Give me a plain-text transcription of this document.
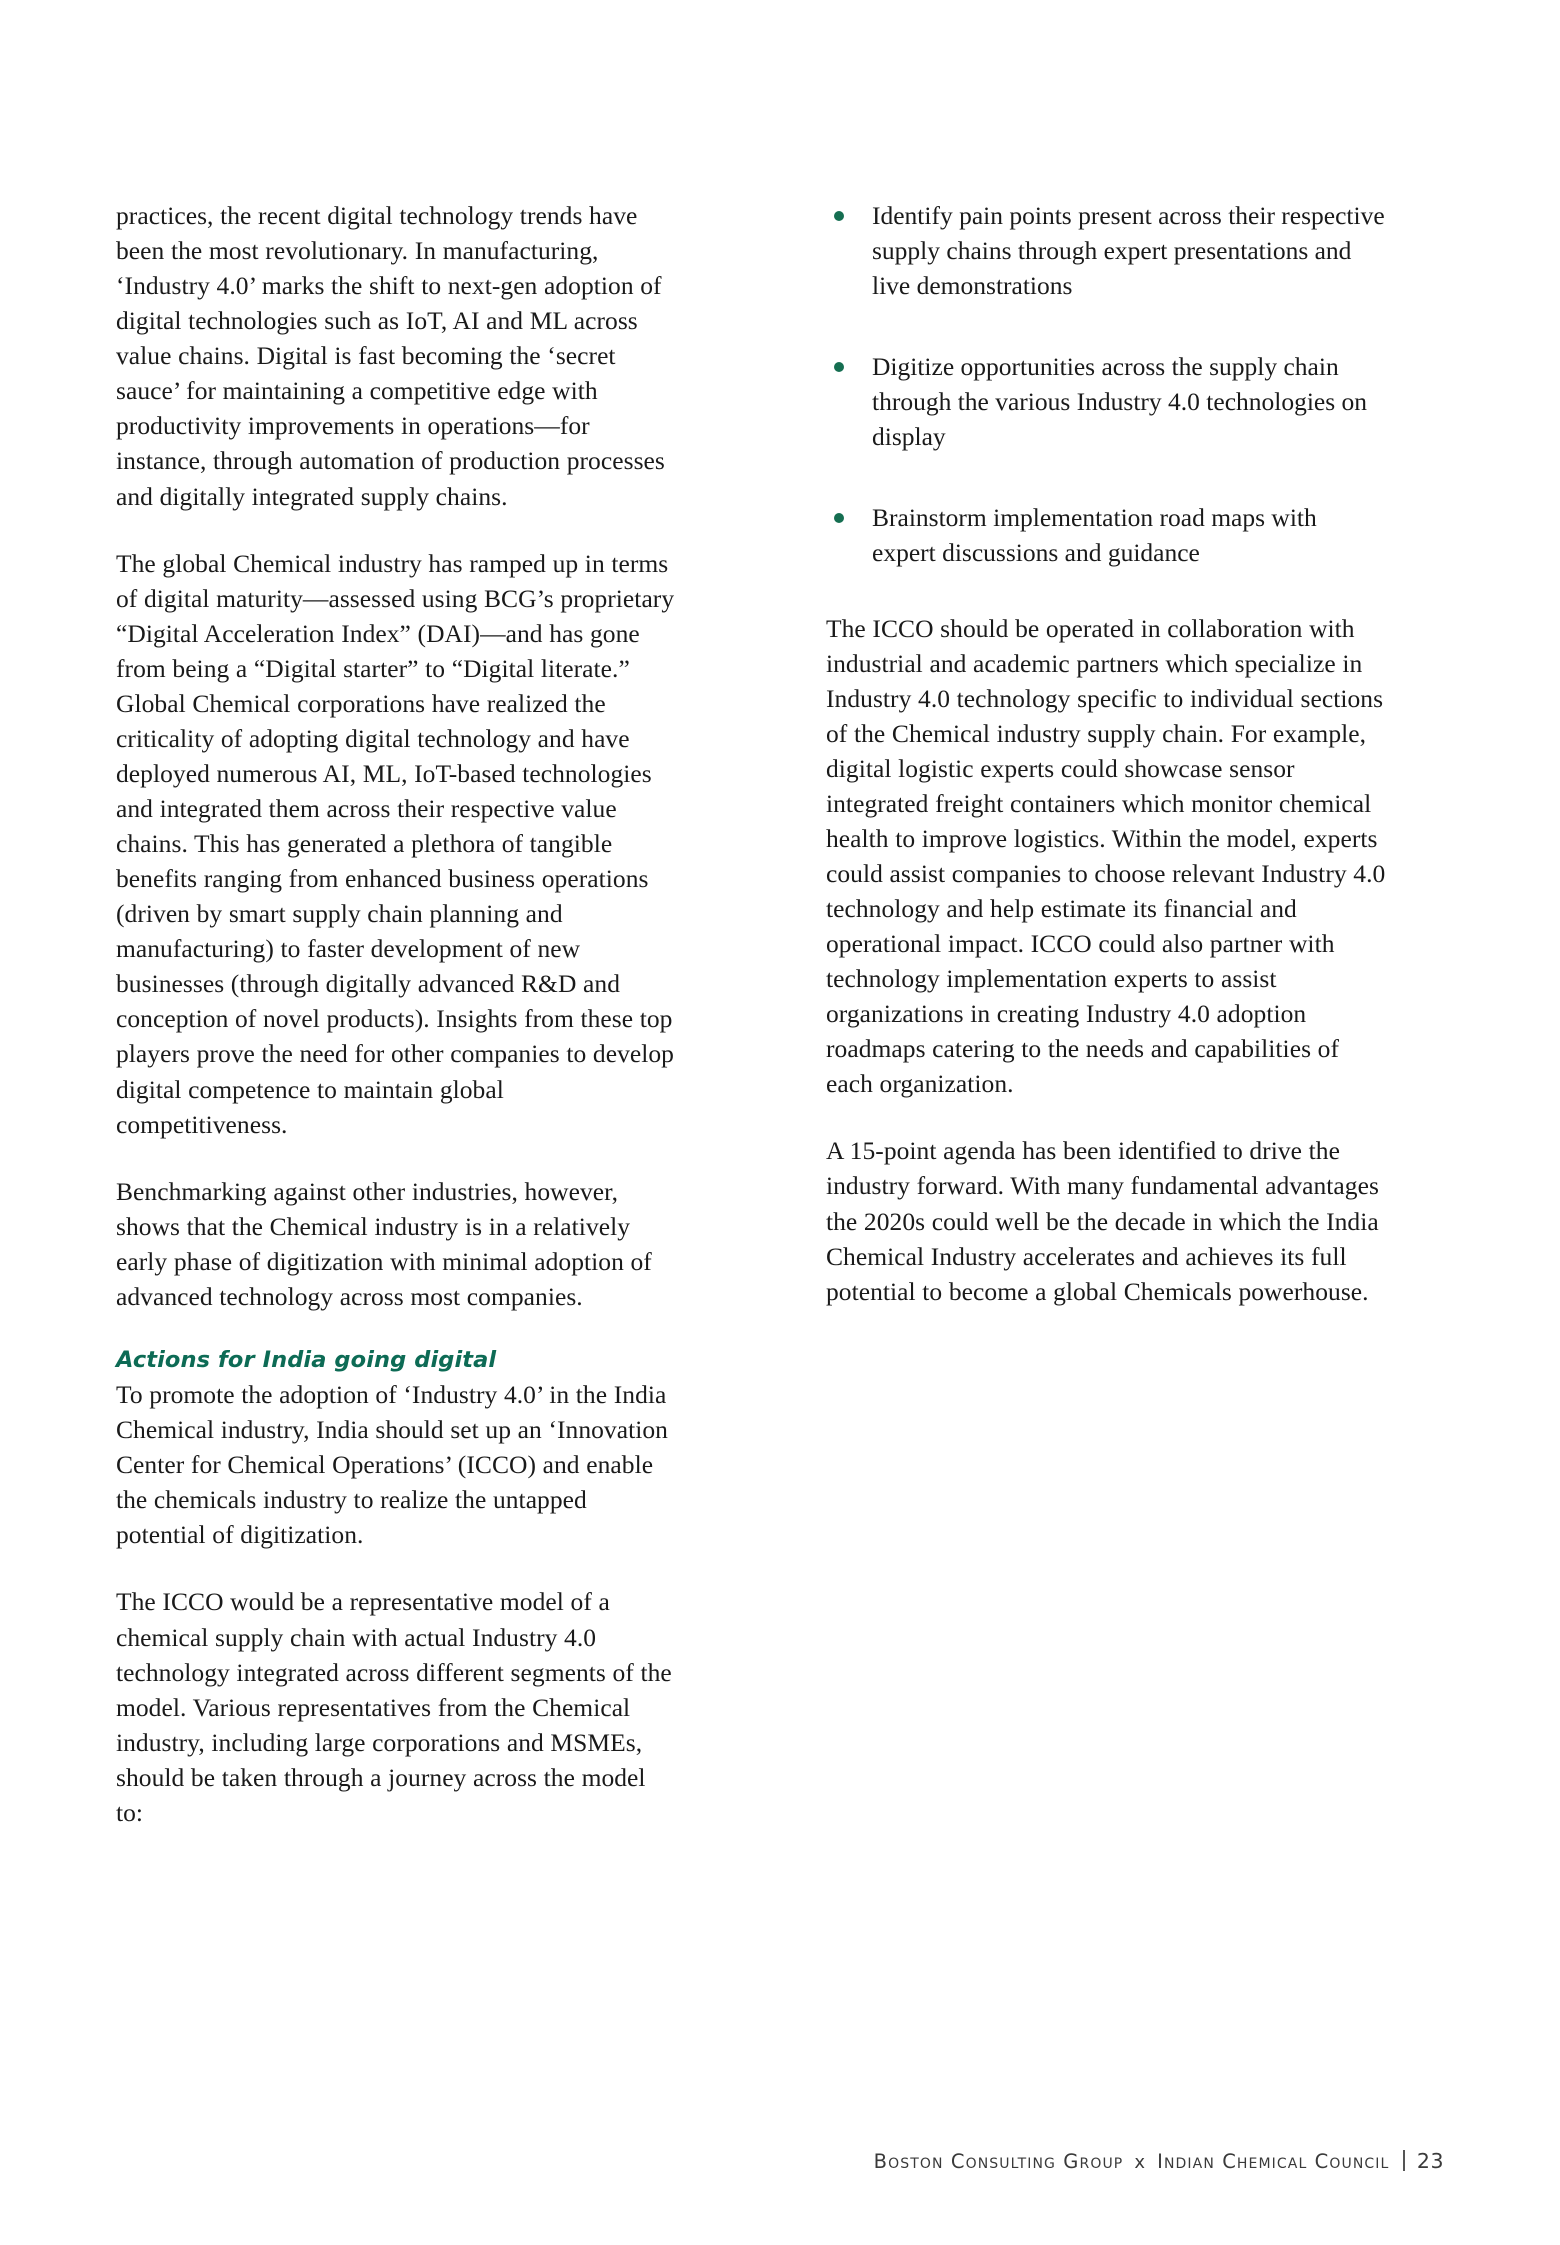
practices, the recent digital technology trends have been the most revolutionary. In manufacturing, ‘Industry 4.0’ marks the shift to next-gen adoption of digital technologies such as IoT, AI and ML across value chains. Digital is fast becoming the ‘secret sauce’ for maintaining a competitive edge with productivity improvements in operations—for instance, through automation of production processes and digitally integrated supply chains.

The global Chemical industry has ramped up in terms of digital maturity—assessed using BCG’s proprietary “Digital Acceleration Index” (DAI)—and has gone from being a “Digital starter” to “Digital literate.” Global Chemical corporations have realized the criticality of adopting digital technology and have deployed numerous AI, ML, IoT-based technologies and integrated them across their respective value chains. This has generated a plethora of tangible benefits ranging from enhanced business operations (driven by smart supply chain planning and manufacturing) to faster development of new businesses (through digitally advanced R&D and conception of novel products). Insights from these top players prove the need for other companies to develop digital competence to maintain global competitiveness.

Benchmarking against other industries, however, shows that the Chemical industry is in a relatively early phase of digitization with minimal adoption of advanced technology across most companies.

Actions for India going digital

To promote the adoption of ‘Industry 4.0’ in the India Chemical industry, India should set up an ‘Innovation Center for Chemical Operations’ (ICCO) and enable the chemicals industry to realize the untapped potential of digitization.

The ICCO would be a representative model of a chemical supply chain with actual Industry 4.0 technology integrated across different segments of the model. Various representatives from the Chemical industry, including large corporations and MSMEs, should be taken through a journey across the model to:

Identify pain points present across their respective supply chains through expert presentations and live demonstrations
Digitize opportunities across the supply chain through the various Industry 4.0 technologies on display
Brainstorm implementation road maps with expert discussions and guidance

The ICCO should be operated in collaboration with industrial and academic partners which specialize in Industry 4.0 technology specific to individual sections of the Chemical industry supply chain. For example, digital logistic experts could showcase sensor integrated freight containers which monitor chemical health to improve logistics. Within the model, experts could assist companies to choose relevant Industry 4.0 technology and help estimate its financial and operational impact. ICCO could also partner with technology implementation experts to assist organizations in creating Industry 4.0 adoption roadmaps catering to the needs and capabilities of each organization.

A 15-point agenda has been identified to drive the industry forward. With many fundamental advantages the 2020s could well be the decade in which the India Chemical Industry accelerates and achieves its full potential to become a global Chemicals powerhouse.

Boston Consulting Group x Indian Chemical Council 23
